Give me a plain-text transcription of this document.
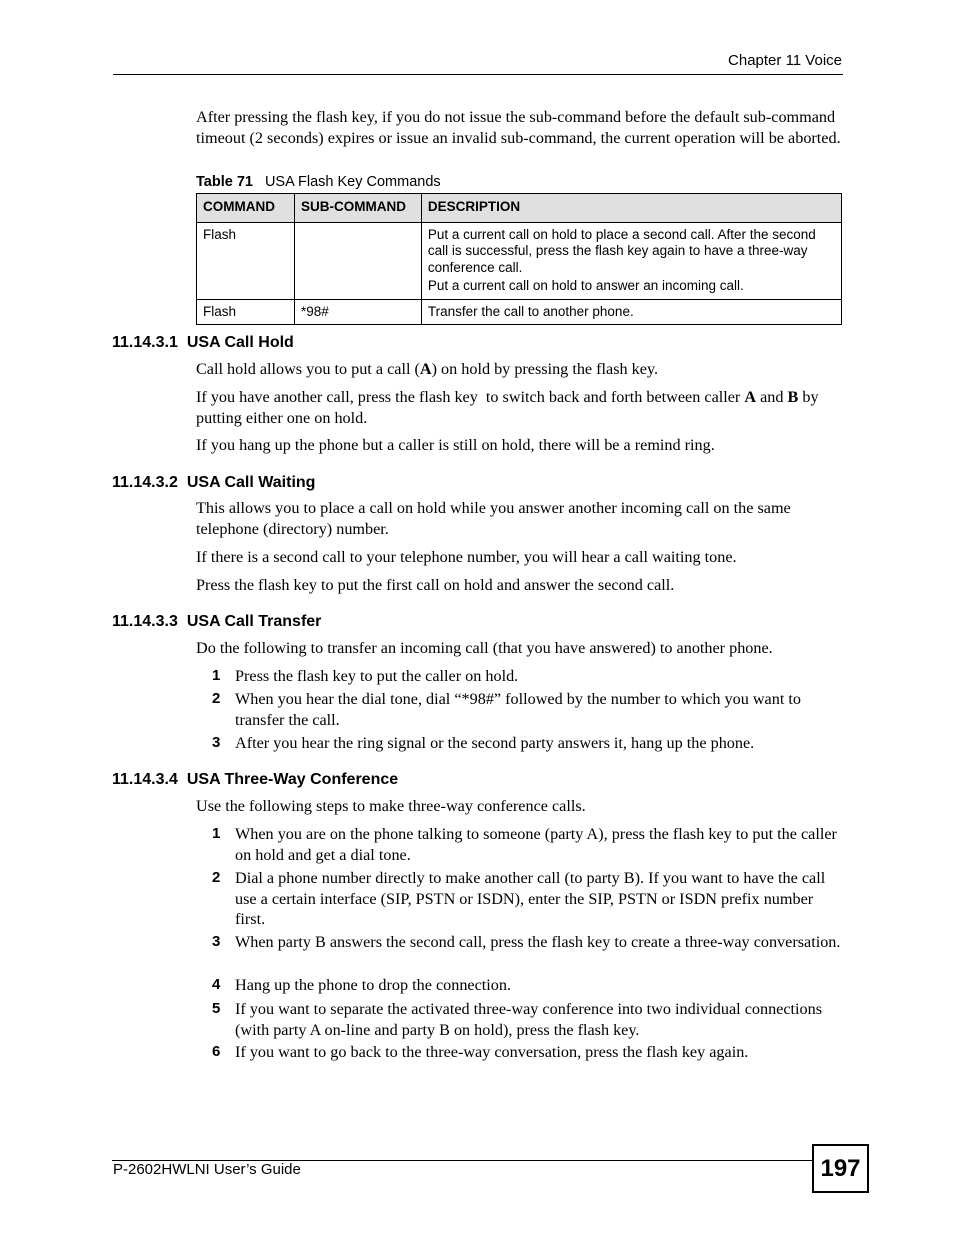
Chapter 11 Voice

After pressing the flash key, if you do not issue the sub-command before the default sub-command timeout (2 seconds) expires or issue an invalid sub-command, the current operation will be aborted.

Table 71 USA Flash Key Commands
COMMAND	SUB-COMMAND	DESCRIPTION
Flash		Put a current call on hold to place a second call. After the second call is successful, press the flash key again to have a three-way conference call.

Put a current call on hold to answer an incoming call.

Flash	*98#	Transfer the call to another phone.

11.14.3.1 USA Call Hold

Call hold allows you to put a call (A) on hold by pressing the flash key.

If you have another call, press the flash key  to switch back and forth between caller A and B by putting either one on hold.

If you hang up the phone but a caller is still on hold, there will be a remind ring.

11.14.3.2 USA Call Waiting

This allows you to place a call on hold while you answer another incoming call on the same telephone (directory) number.

If there is a second call to your telephone number, you will hear a call waiting tone.

Press the flash key to put the first call on hold and answer the second call.

11.14.3.3 USA Call Transfer

Do the following to transfer an incoming call (that you have answered) to another phone.

1 Press the flash key to put the caller on hold.
2 When you hear the dial tone, dial “*98#” followed by the number to which you want to transfer the call.
3 After you hear the ring signal or the second party answers it, hang up the phone.
11.14.3.4 USA Three-Way Conference

Use the following steps to make three-way conference calls.

1 When you are on the phone talking to someone (party A), press the flash key to put the caller on hold and get a dial tone.
2 Dial a phone number directly to make another call (to party B). If you want to have the call use a certain interface (SIP, PSTN or ISDN), enter the SIP, PSTN or ISDN prefix number first.
3 When party B answers the second call, press the flash key to create a three-way conversation.
4 Hang up the phone to drop the connection.
5 If you want to separate the activated three-way conference into two individual connections (with party A on-line and party B on hold), press the flash key.
6 If you want to go back to the three-way conversation, press the flash key again.
P-2602HWLNI User’s Guide	197
